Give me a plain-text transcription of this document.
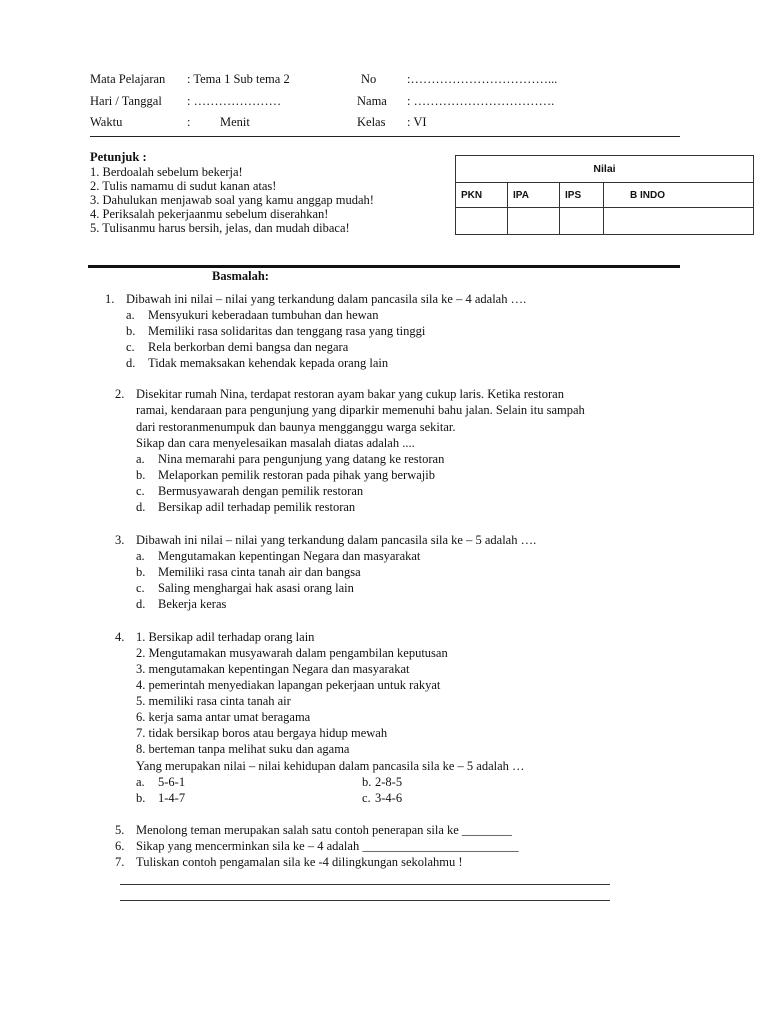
Mata Pelajaran : Tema 1 Sub tema 2	No :……………………………...
Hari / Tanggal : …………………	Nama : …………………………….
Waktu	: Menit	Kelas : VI
Petunjuk :
1. Berdoalah sebelum bekerja!
2. Tulis namamu di sudut kanan atas!
3. Dahulukan menjawab soal yang kamu anggap mudah!
4. Periksalah pekerjaanmu sebelum diserahkan!
5. Tulisanmu harus bersih, jelas, dan mudah dibaca!
Nilai			
PKN	IPA	IPS	B INDO

Basmalah:
1. Dibawah ini nilai – nilai yang terkandung dalam pancasila sila ke – 4 adalah ….
a. Mensyukuri keberadaan tumbuhan dan hewan
b. Memiliki rasa solidaritas dan tenggang rasa yang tinggi
c. Rela berkorban demi bangsa dan negara
d. Tidak memaksakan kehendak kepada orang lain
2. Disekitar rumah Nina, terdapat restoran ayam bakar yang cukup laris. Ketika restoran
ramai, kendaraan para pengunjung yang diparkir memenuhi bahu jalan. Selain itu sampah
dari restoranmenumpuk dan baunya mengganggu warga sekitar.
Sikap dan cara menyelesaikan masalah diatas adalah ....
a. Nina memarahi para pengunjung yang datang ke restoran
b. Melaporkan pemilik restoran pada pihak yang berwajib
c. Bermusyawarah dengan pemilik restoran
d. Bersikap adil terhadap pemilik restoran
3. Dibawah ini nilai – nilai yang terkandung dalam pancasila sila ke – 5 adalah ….
a. Mengutamakan kepentingan Negara dan masyarakat
b. Memiliki rasa cinta tanah air dan bangsa
c. Saling menghargai hak asasi orang lain
d. Bekerja keras
4. 1. Bersikap adil terhadap orang lain
2. Mengutamakan musyawarah dalam pengambilan keputusan
3. mengutamakan kepentingan Negara dan masyarakat
4. pemerintah menyediakan lapangan pekerjaan untuk rakyat
5. memiliki rasa cinta tanah air
6. kerja sama antar umat beragama
7. tidak bersikap boros atau bergaya hidup mewah
8. berteman tanpa melihat suku dan agama
Yang merupakan nilai – nilai kehidupan dalam pancasila sila ke – 5 adalah …
a. 5-6-1	b. 2-8-5
b. 1-4-7	c. 3-4-6
5. Menolong teman merupakan salah satu contoh penerapan sila ke ________
6. Sikap yang mencerminkan sila ke – 4 adalah _________________________
7. Tuliskan contoh pengamalan sila ke -4 dilingkungan sekolahmu !
